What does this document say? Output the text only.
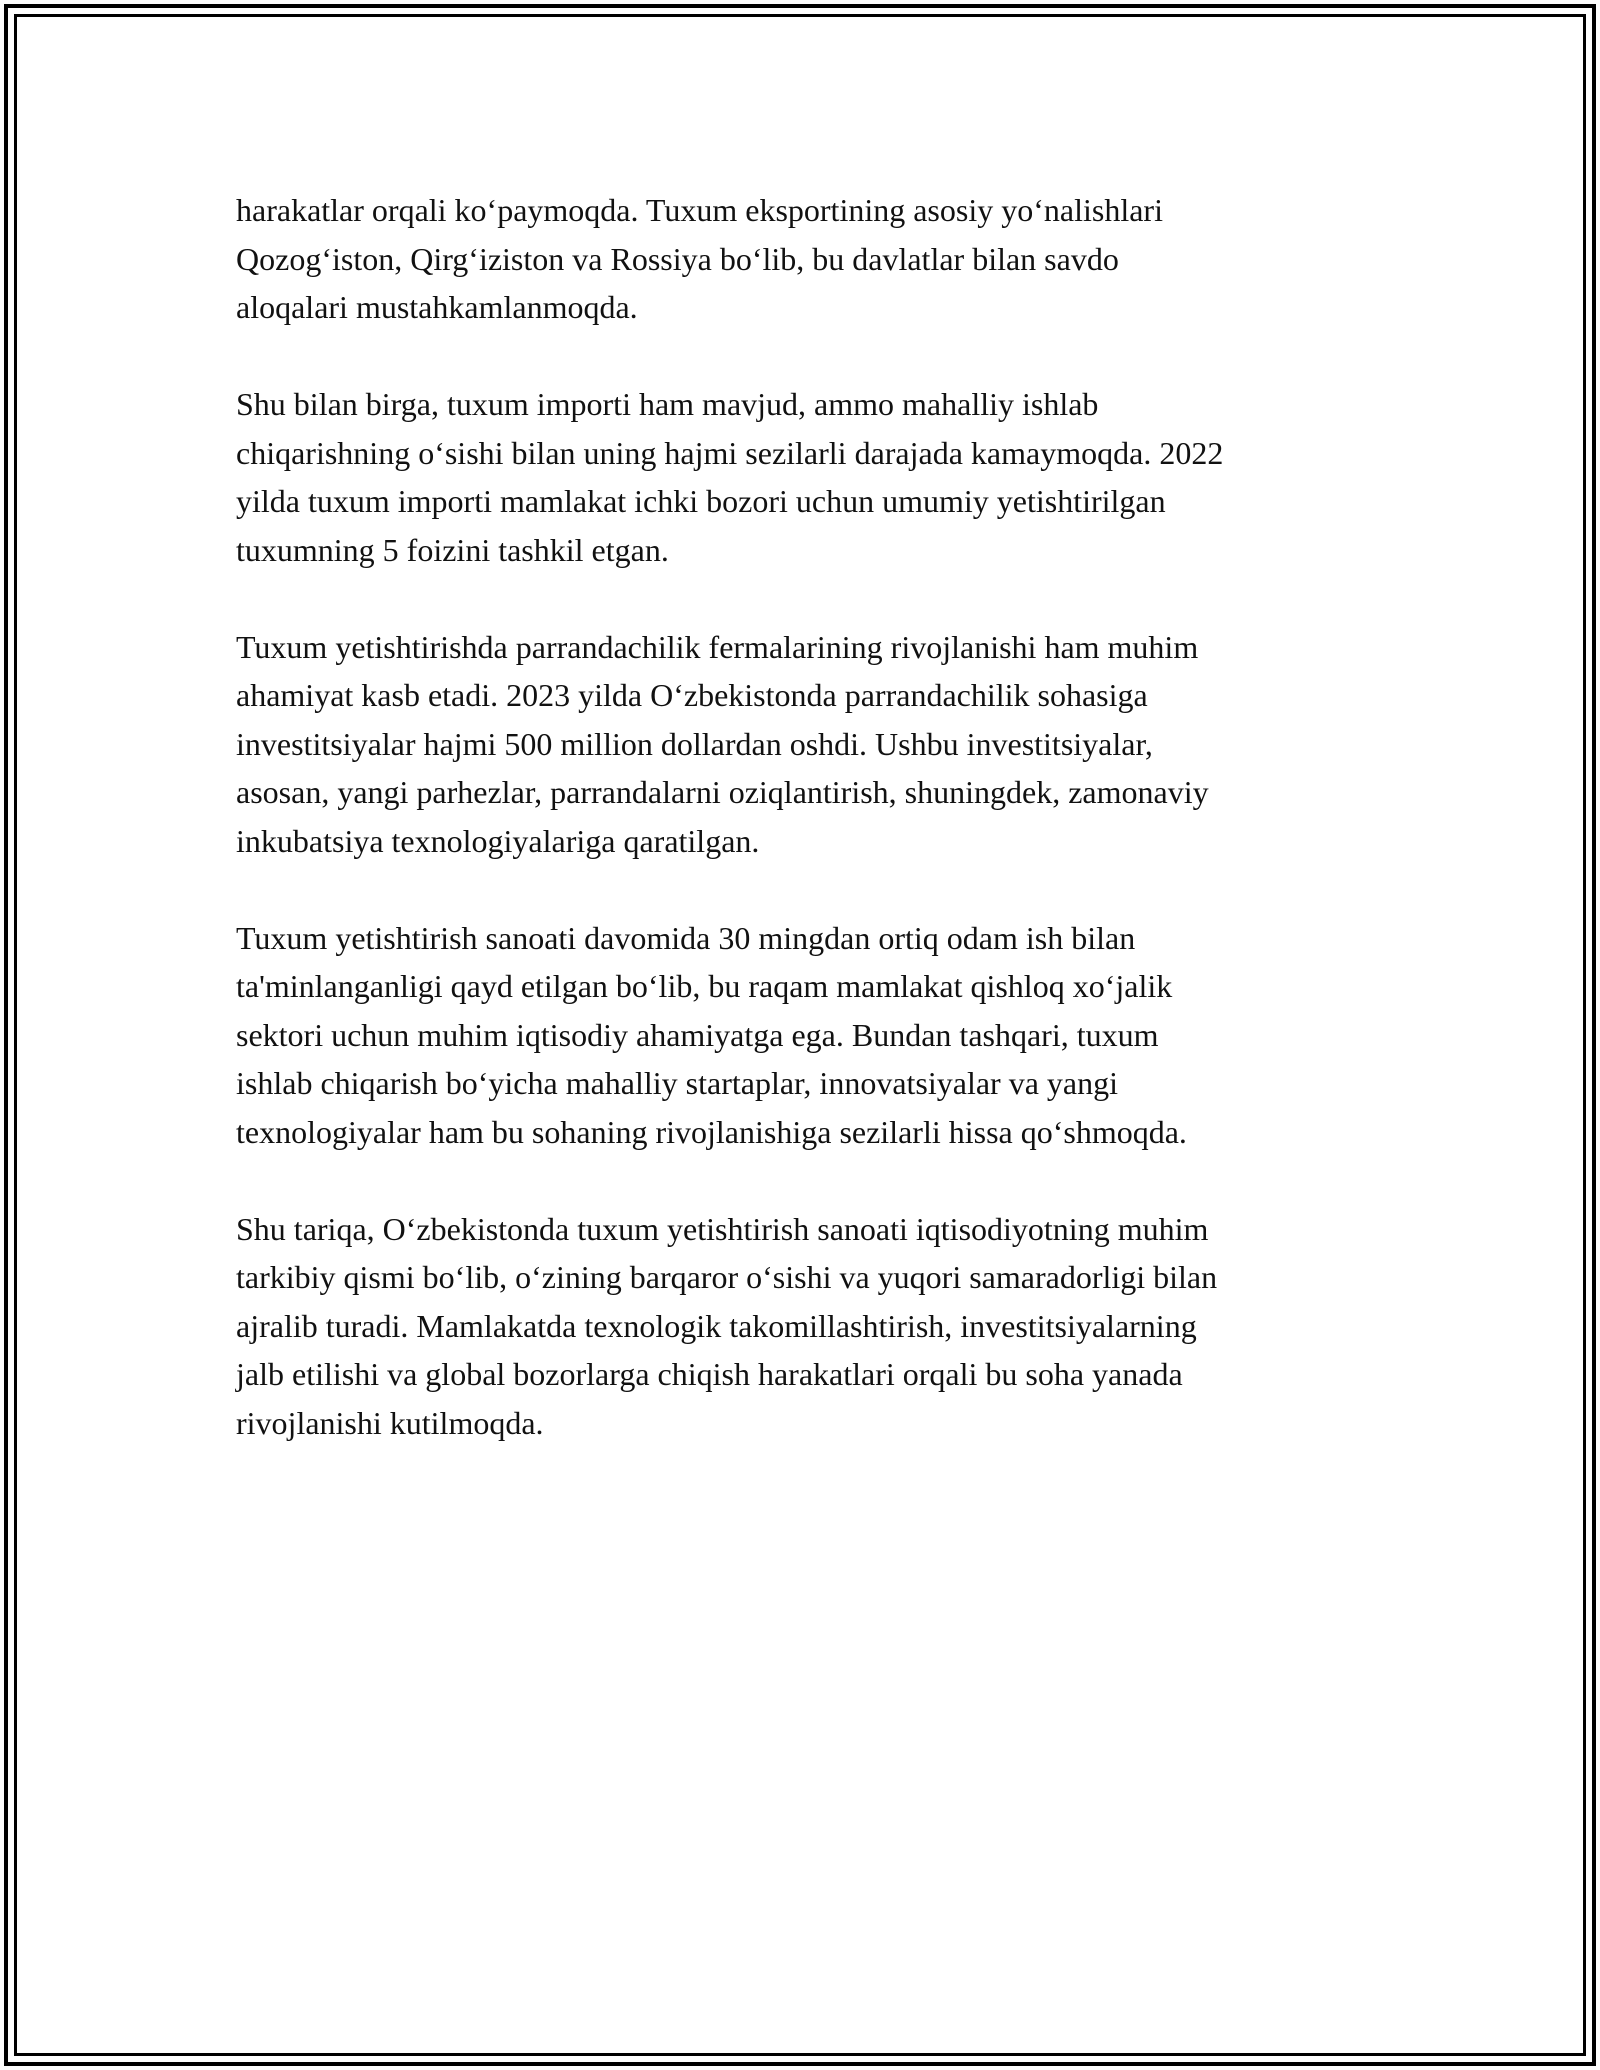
harakatlar orqali ko‘paymoqda. Tuxum eksportining asosiy yo‘nalishlari
Qozog‘iston, Qirg‘iziston va Rossiya bo‘lib, bu davlatlar bilan savdo
aloqalari mustahkamlanmoqda.

Shu bilan birga, tuxum importi ham mavjud, ammo mahalliy ishlab
chiqarishning o‘sishi bilan uning hajmi sezilarli darajada kamaymoqda. 2022
yilda tuxum importi mamlakat ichki bozori uchun umumiy yetishtirilgan
tuxumning 5 foizini tashkil etgan.

Tuxum yetishtirishda parrandachilik fermalarining rivojlanishi ham muhim
ahamiyat kasb etadi. 2023 yilda O‘zbekistonda parrandachilik sohasiga
investitsiyalar hajmi 500 million dollardan oshdi. Ushbu investitsiyalar,
asosan, yangi parhezlar, parrandalarni oziqlantirish, shuningdek, zamonaviy
inkubatsiya texnologiyalariga qaratilgan.

Tuxum yetishtirish sanoati davomida 30 mingdan ortiq odam ish bilan
ta'minlanganligi qayd etilgan bo‘lib, bu raqam mamlakat qishloq xo‘jalik
sektori uchun muhim iqtisodiy ahamiyatga ega. Bundan tashqari, tuxum
ishlab chiqarish bo‘yicha mahalliy startaplar, innovatsiyalar va yangi
texnologiyalar ham bu sohaning rivojlanishiga sezilarli hissa qo‘shmoqda.

Shu tariqa, O‘zbekistonda tuxum yetishtirish sanoati iqtisodiyotning muhim
tarkibiy qismi bo‘lib, o‘zining barqaror o‘sishi va yuqori samaradorligi bilan
ajralib turadi. Mamlakatda texnologik takomillashtirish, investitsiyalarning
jalb etilishi va global bozorlarga chiqish harakatlari orqali bu soha yanada
rivojlanishi kutilmoqda.
